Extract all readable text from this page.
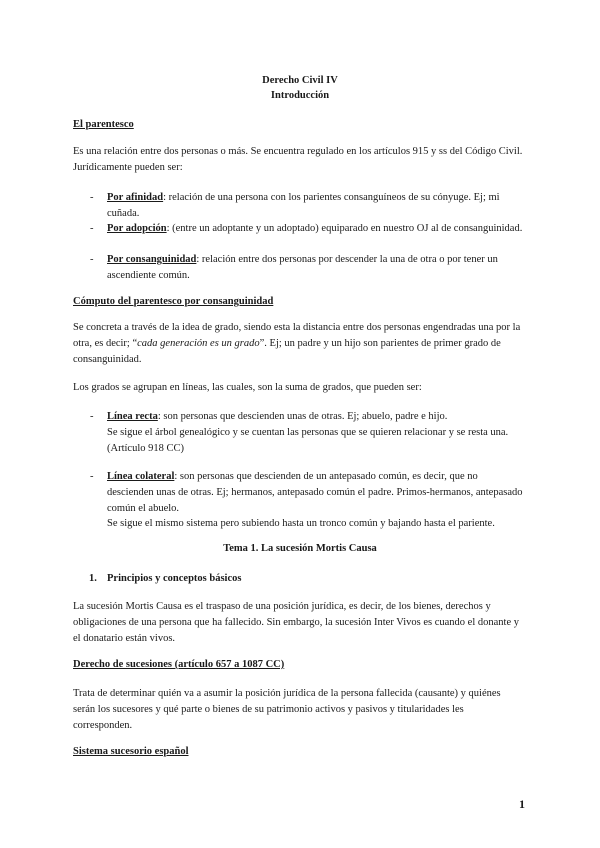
Derecho Civil IV
Introducción
El parentesco
Es una relación entre dos personas o más. Se encuentra regulado en los artículos 915 y ss del Código Civil. Jurídicamente pueden ser:
- Por afinidad: relación de una persona con los parientes consanguíneos de su cónyuge. Ej; mi cuñada.
- Por adopción: (entre un adoptante y un adoptado) equiparado en nuestro OJ al de consanguinidad.
- Por consanguinidad: relación entre dos personas por descender la una de otra o por tener un ascendiente común.
Cómputo del parentesco por consanguinidad
Se concreta a través de la idea de grado, siendo esta la distancia entre dos personas engendradas una por la otra, es decir; “cada generación es un grado”. Ej; un padre y un hijo son parientes de primer grado de consanguinidad.
Los grados se agrupan en líneas, las cuales, son la suma de grados, que pueden ser:
- Línea recta: son personas que descienden unas de otras. Ej; abuelo, padre e hijo.
Se sigue el árbol genealógico y se cuentan las personas que se quieren relacionar y se resta una. (Artículo 918 CC)
- Línea colateral: son personas que descienden de un antepasado común, es decir, que no descienden unas de otras. Ej; hermanos, antepasado común el padre. Primos-hermanos, antepasado común el abuelo.
Se sigue el mismo sistema pero subiendo hasta un tronco común y bajando hasta el pariente.
Tema 1. La sucesión Mortis Causa
1. Principios y conceptos básicos
La sucesión Mortis Causa es el traspaso de una posición jurídica, es decir, de los bienes, derechos y obligaciones de una persona que ha fallecido. Sin embargo, la sucesión Inter Vivos es cuando el donante y el donatario están vivos.
Derecho de sucesiones (artículo 657 a 1087 CC)
Trata de determinar quién va a asumir la posición jurídica de la persona fallecida (causante) y quiénes serán los sucesores y qué parte o bienes de su patrimonio activos y pasivos y titularidades les corresponden.
Sistema sucesorio español
1
